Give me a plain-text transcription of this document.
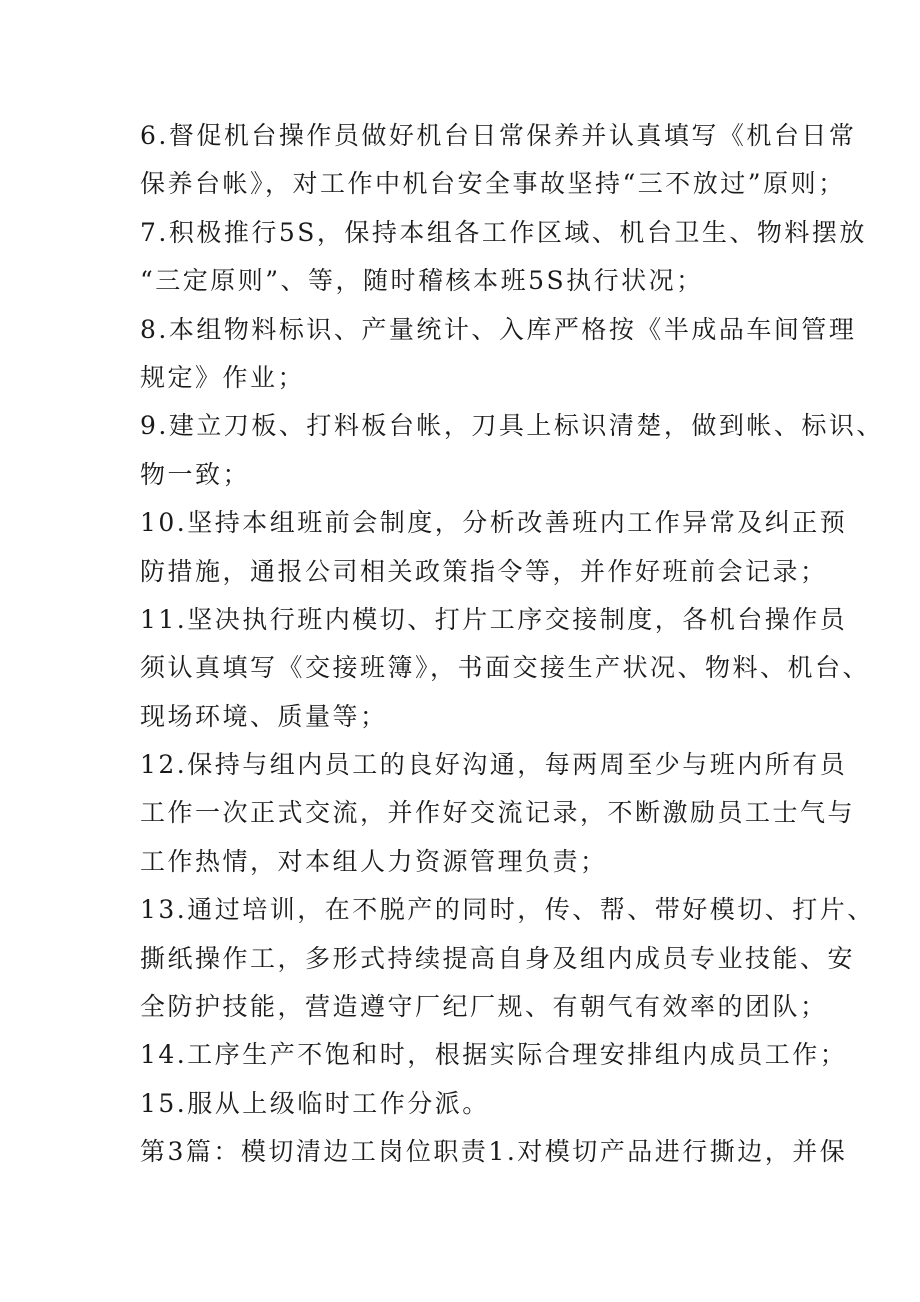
6.督促机台操作员做好机台日常保养并认真填写《机台日常
保养台帐》，对工作中机台安全事故坚持“三不放过”原则；
7.积极推行5S，保持本组各工作区域、机台卫生、物料摆放
“三定原则”、等，随时稽核本班5S执行状况；
8.本组物料标识、产量统计、入库严格按《半成品车间管理
规定》作业；
9.建立刀板、打料板台帐，刀具上标识清楚，做到帐、标识、
物一致；
10.坚持本组班前会制度，分析改善班内工作异常及纠正预
防措施，通报公司相关政策指令等，并作好班前会记录；
11.坚决执行班内模切、打片工序交接制度，各机台操作员
须认真填写《交接班簿》，书面交接生产状况、物料、机台、
现场环境、质量等；
12.保持与组内员工的良好沟通，每两周至少与班内所有员
工作一次正式交流，并作好交流记录，不断激励员工士气与
工作热情，对本组人力资源管理负责；
13.通过培训，在不脱产的同时，传、帮、带好模切、打片、
撕纸操作工，多形式持续提高自身及组内成员专业技能、安
全防护技能，营造遵守厂纪厂规、有朝气有效率的团队；
14.工序生产不饱和时，根据实际合理安排组内成员工作；
15.服从上级临时工作分派。
第3篇：模切清边工岗位职责1.对模切产品进行撕边，并保
